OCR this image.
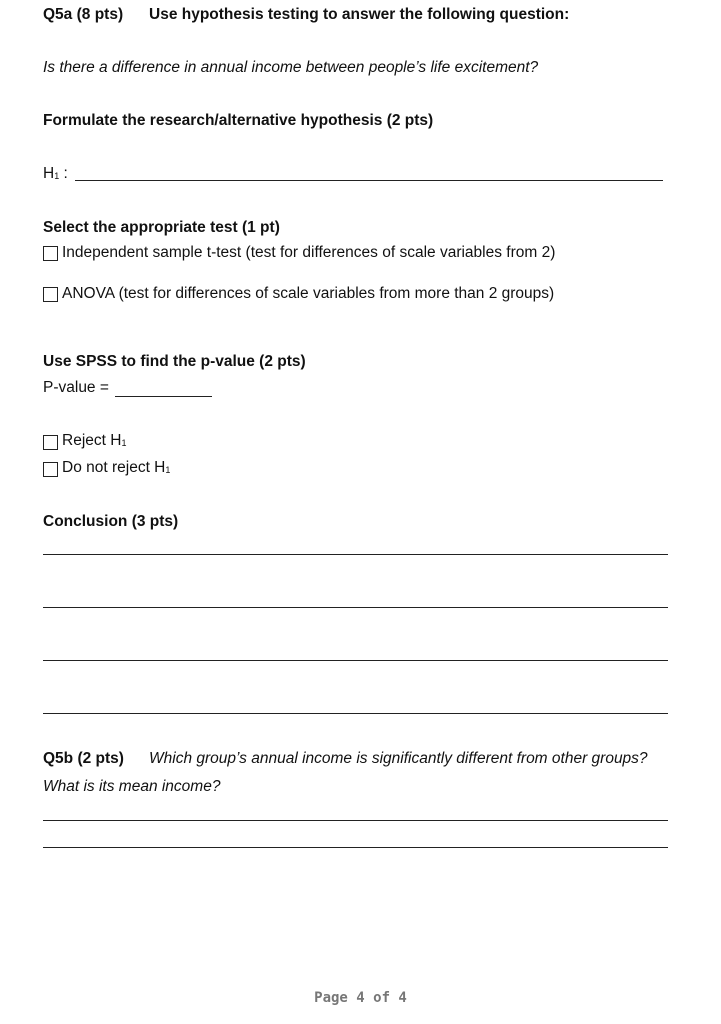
Q5a (8 pts) Use hypothesis testing to answer the following question:
Is there a difference in annual income between people’s life excitement?
Formulate the research/alternative hypothesis (2 pts)
$H_1$ :
Select the appropriate test (1 pt)
Independent sample t-test (test for differences of scale variables from 2)
ANOVA (test for differences of scale variables from more than 2 groups)
Use SPSS to find the p-value (2 pts)
P-value =
Reject $H_1$
Do not reject $H_1$
Conclusion (3 pts)
Q5b (2 pts) Which group’s annual income is significantly different from other groups?
What is its mean income?
Page 4 of 4
